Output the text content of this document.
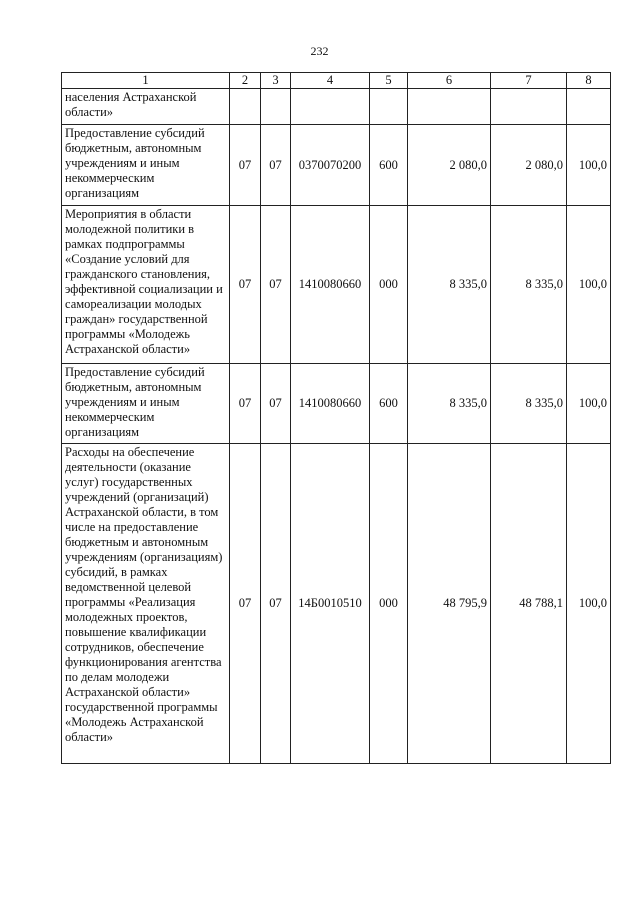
232
1	2	3	4	5	6	7	8
населения Астраханской области»							
Предоставление субсидий бюджетным, автономным учреждениям и иным некоммерческим организациям	07	07	0370070200	600	2 080,0	2 080,0	100,0
Мероприятия в области молодежной политики в рамках подпрограммы «Создание условий для гражданского становления, эффективной социализации и самореализации молодых граждан» государственной программы «Молодежь Астраханской области»	07	07	1410080660	000	8 335,0	8 335,0	100,0
Предоставление субсидий бюджетным, автономным учреждениям и иным некоммерческим организациям	07	07	1410080660	600	8 335,0	8 335,0	100,0
Расходы на обеспечение деятельности (оказание услуг) государственных учреждений (организаций) Астраханской области, в том числе на предоставление бюджетным и автономным учреждениям (организациям) субсидий, в рамках ведомственной целевой программы «Реализация молодежных проектов, повышение квалификации сотрудников, обеспечение функционирования агентства по делам молодежи Астраханской области» государственной программы «Молодежь Астраханской области»	07	07	14Б0010510	000	48 795,9	48 788,1	100,0
